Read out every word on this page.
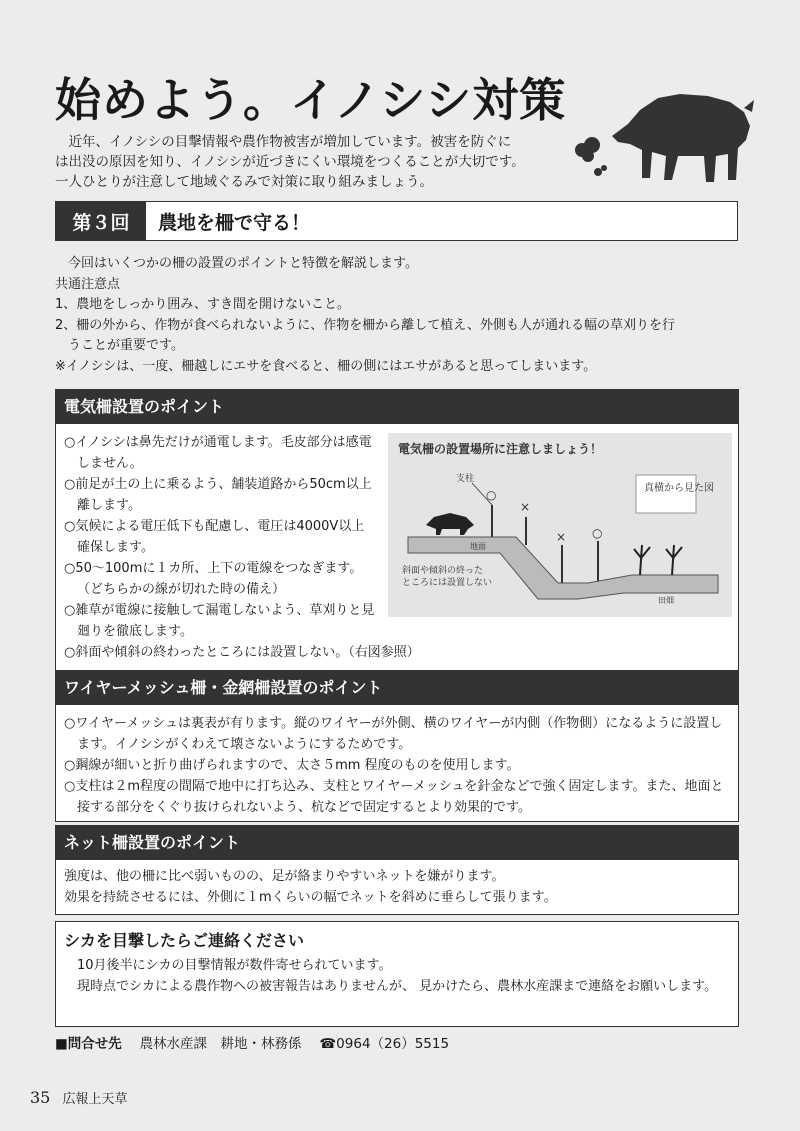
始めよう。イノシシ対策

　近年、イノシシの目撃情報や農作物被害が増加しています。被害を防ぐに

は出没の原因を知り、イノシシが近づきにくい環境をつくることが大切です。

一人ひとりが注意して地域ぐるみで対策に取り組みましょう。

第３回	農地を柵で守る！

　今回はいくつかの柵の設置のポイントと特徴を解説します。

共通注意点

1、農地をしっかり囲み、すき間を開けないこと。

2、柵の外から、作物が食べられないように、作物を柵から離して植え、外側も人が通れる幅の草刈りを行

うことが重要です。

※イノシシは、一度、柵越しにエサを食べると、柵の側にはエサがあると思ってしまいます。

電気柵設置のポイント

○イノシシは鼻先だけが通電します。毛皮部分は感電しません。

○前足が土の上に乗るよう、舗装道路から50cm以上離します。

○気候による電圧低下も配慮し、電圧は4000V以上確保します。

○50～100mに１カ所、上下の電線をつなぎます。（どちらかの線が切れた時の備え）

○雑草が電線に接触して漏電しないよう、草刈りと見廻りを徹底します。

○斜面や傾斜の終わったところには設置しない。（右図参照）

電気柵の設置場所に注意しましょう！
支柱
真横から見た図
地面
田畑
○
×
× ○
斜面や傾斜の終った
ところには設置しない
ワイヤーメッシュ柵・金網柵設置のポイント

○ワイヤーメッシュは裏表が有ります。縦のワイヤーが外側、横のワイヤーが内側（作物側）になるように設置します。イノシシがくわえて壊さないようにするためです。

○鋼線が細いと折り曲げられますので、太さ５mm 程度のものを使用します。

○支柱は２m程度の間隔で地中に打ち込み、支柱とワイヤーメッシュを針金などで強く固定します。また、地面と接する部分をくぐり抜けられないよう、杭などで固定するとより効果的です。

ネット柵設置のポイント

強度は、他の柵に比べ弱いものの、足が絡まりやすいネットを嫌がります。

効果を持続させるには、外側に１mくらいの幅でネットを斜めに垂らして張ります。

シカを目撃したらご連絡ください

　10月後半にシカの目撃情報が数件寄せられています。

　現時点でシカによる農作物への被害報告はありませんが、 見かけたら、農林水産課まで連絡をお願いします。

■問合せ先　 農林水産課　耕地・林務係　 ☎0964（26）5515
35 広報上天草
